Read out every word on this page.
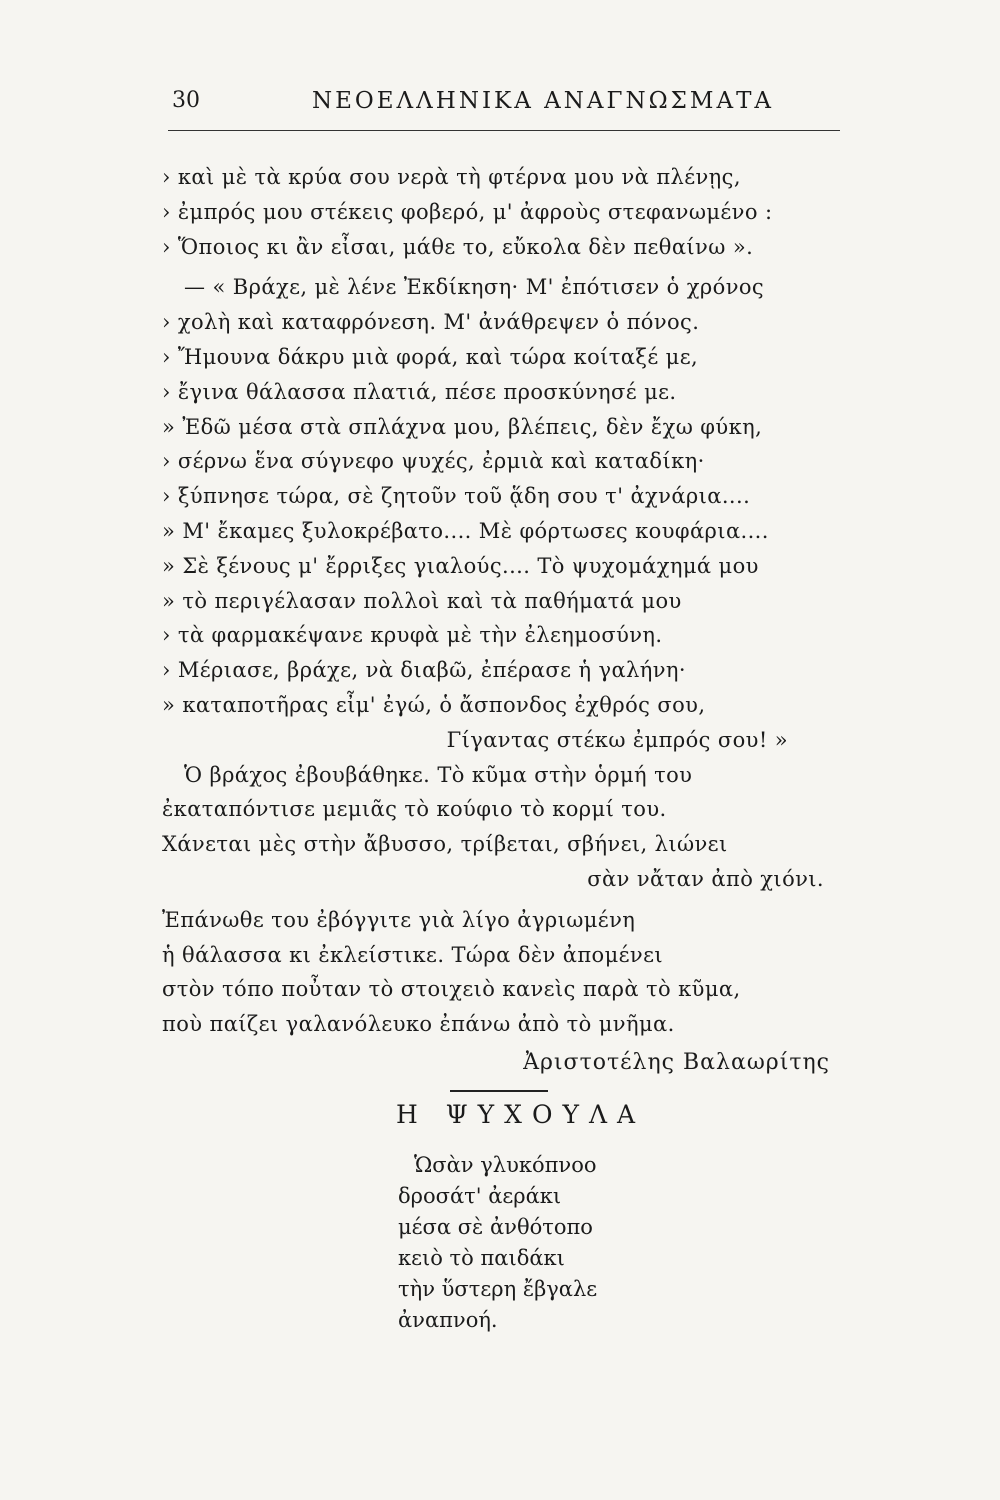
30	ΝΕΟΕΛΛΗΝΙΚΑ ΑΝΑΓΝΩΣΜΑΤΑ
› καὶ μὲ τὰ κρύα σου νερὰ τὴ φτέρνα μου νὰ πλένῃς,
› ἐμπρός μου στέκεις φοβερό, μ' ἀφροὺς στεφανωμένο :
› Ὅποιος κι ἂν εἶσαι, μάθε το, εὔκολα δὲν πεθαίνω ».
— « Βράχε, μὲ λένε Ἐκδίκηση· Μ' ἐπότισεν ὁ χρόνος
› χολὴ καὶ καταφρόνεση. Μ' ἀνάθρεψεν ὁ πόνος.
› Ἤμουνα δάκρυ μιὰ φορά, καὶ τώρα κοίταξέ με,
› ἔγινα θάλασσα πλατιά, πέσε προσκύνησέ με.
» Ἐδῶ μέσα στὰ σπλάχνα μου, βλέπεις, δὲν ἔχω φύκη,
› σέρνω ἕνα σύγνεφο ψυχές, ἐρμιὰ καὶ καταδίκη·
› ξύπνησε τώρα, σὲ ζητοῦν τοῦ ᾅδη σου τ' ἀχνάρια....
» Μ' ἔκαμες ξυλοκρέβατο.... Μὲ φόρτωσες κουφάρια....
» Σὲ ξένους μ' ἔρριξες γιαλούς.... Τὸ ψυχομάχημά μου
» τὸ περιγέλασαν πολλοὶ καὶ τὰ παθήματά μου
› τὰ φαρμακέψανε κρυφὰ μὲ τὴν ἐλεημοσύνη.
› Μέριασε, βράχε, νὰ διαβῶ, ἐπέρασε ἡ γαλήνη·
» καταποτῆρας εἶμ' ἐγώ, ὁ ἄσπονδος ἐχθρός σου,
Γίγαντας στέκω ἐμπρός σου! »
Ὁ βράχος ἐβουβάθηκε. Τὸ κῦμα στὴν ὁρμή του
ἐκαταπόντισε μεμιᾶς τὸ κούφιο τὸ κορμί του.
Χάνεται μὲς στὴν ἄβυσσο, τρίβεται, σβήνει, λιώνει
σὰν νἄταν ἀπὸ χιόνι.
Ἐπάνωθε του ἐβόγγιτε γιὰ λίγο ἀγριωμένη
ἡ θάλασσα κι ἐκλείστικε. Τώρα δὲν ἀπομένει
στὸν τόπο ποὖταν τὸ στοιχειὸ κανεὶς παρὰ τὸ κῦμα,
ποὺ παίζει γαλανόλευκο ἐπάνω ἀπὸ τὸ μνῆμα.
Ἀριστοτέλης Βαλαωρίτης
Η ΨΥΧΟΥΛΑ
Ὡσὰν γλυκόπνοο
δροσάτ' ἀεράκι
μέσα σὲ ἀνθότοπο
κειὸ τὸ παιδάκι
τὴν ὕστερη ἔβγαλε
ἀναπνοή.
